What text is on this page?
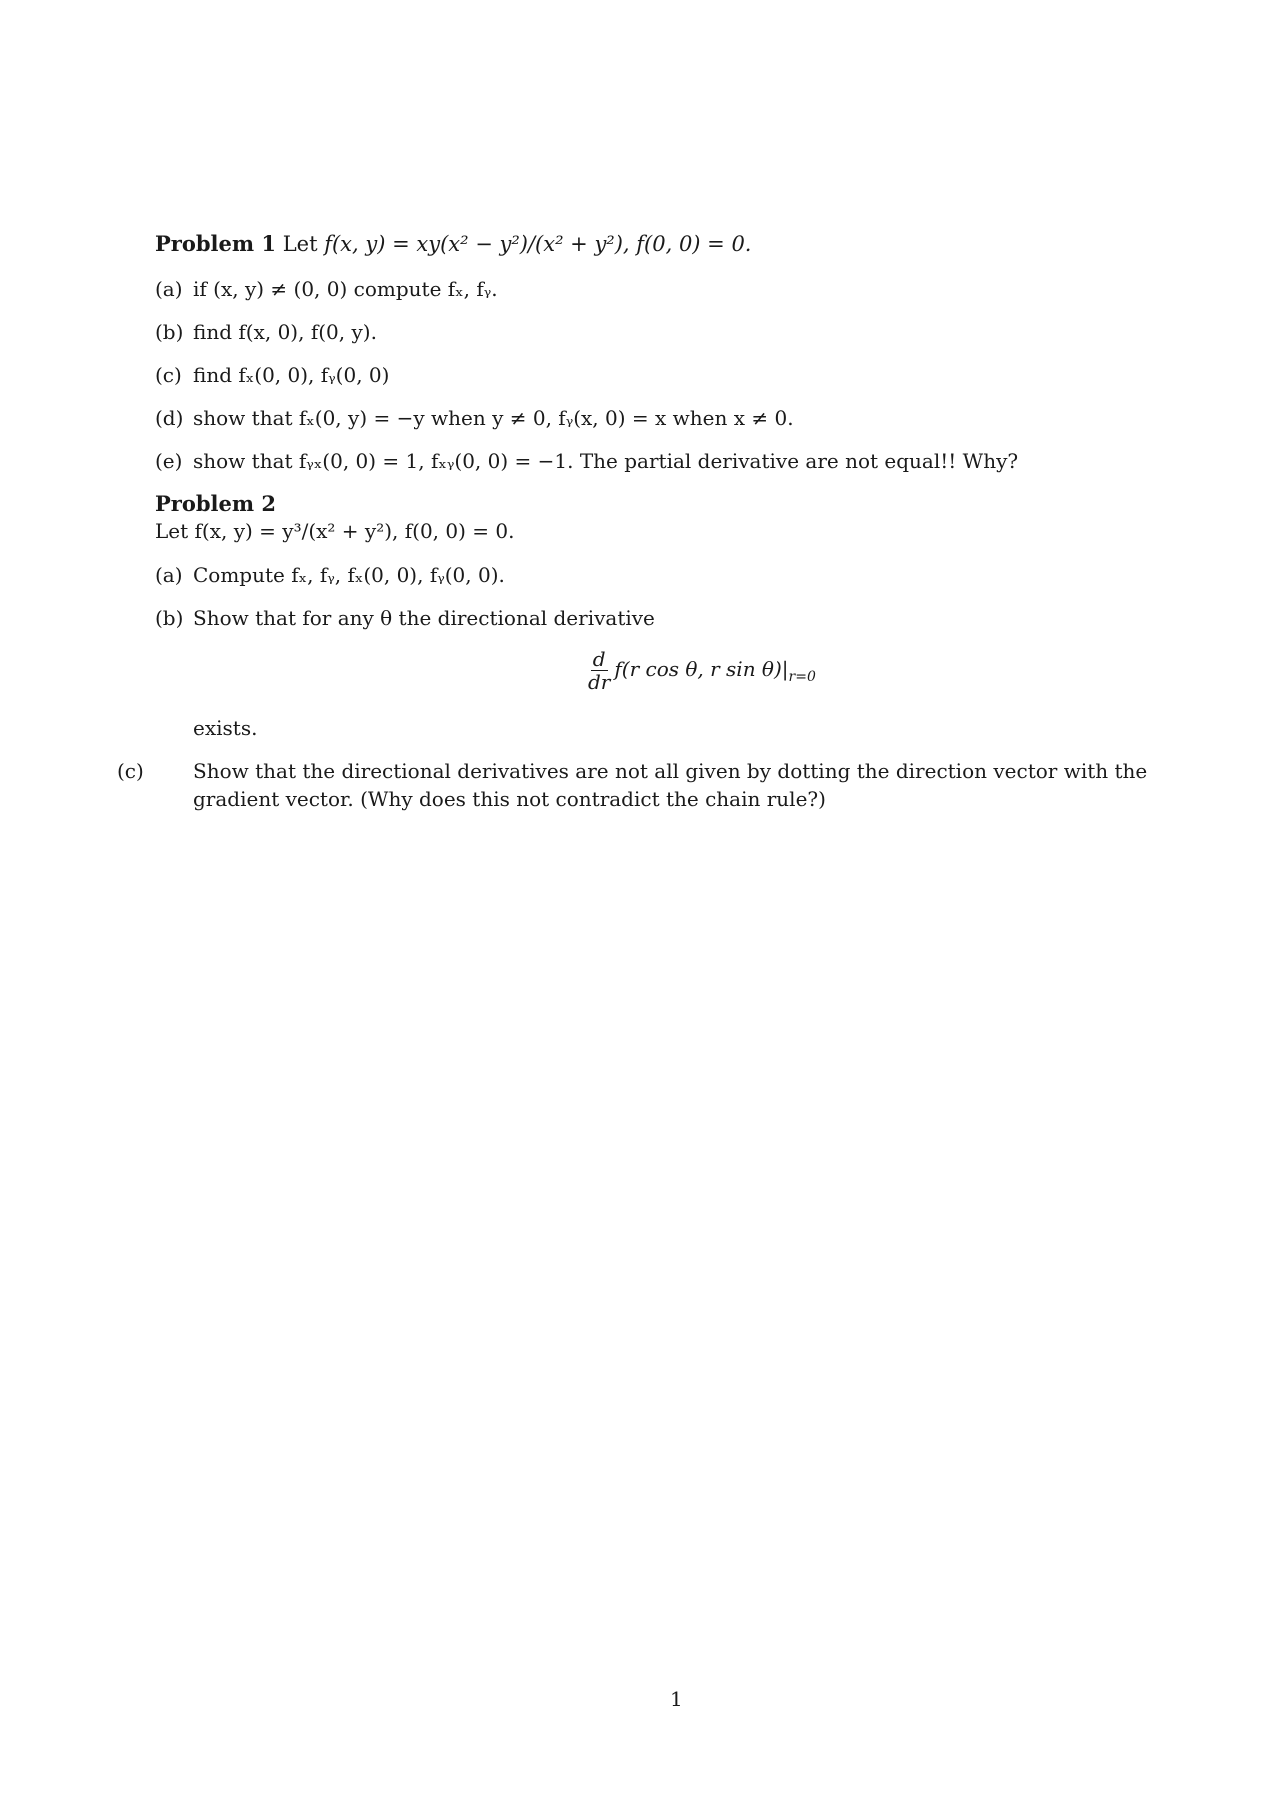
Problem 1 Let f(x, y) = xy(x² − y²)/(x² + y²), f(0, 0) = 0.
(a) if (x, y) ≠ (0, 0) compute fₓ, fᵧ.
(b) find f(x, 0), f(0, y).
(c) find fₓ(0, 0), fᵧ(0, 0)
(d) show that fₓ(0, y) = −y when y ≠ 0, fᵧ(x, 0) = x when x ≠ 0.
(e) show that fᵧₓ(0, 0) = 1, fₓᵧ(0, 0) = −1. The partial derivative are not equal!! Why?
Problem 2
Let f(x, y) = y³/(x² + y²), f(0, 0) = 0.
(a) Compute fₓ, fᵧ, fₓ(0, 0), fᵧ(0, 0).
(b) Show that for any θ the directional derivative
$\frac{d}{dr} f(r$ cos θ, r $\sin \theta)|_{r=0}$
exists.
(c) Show that the directional derivatives are not all given by dotting the direction vector with the gradient vector. (Why does this not contradict the chain rule?)
1
